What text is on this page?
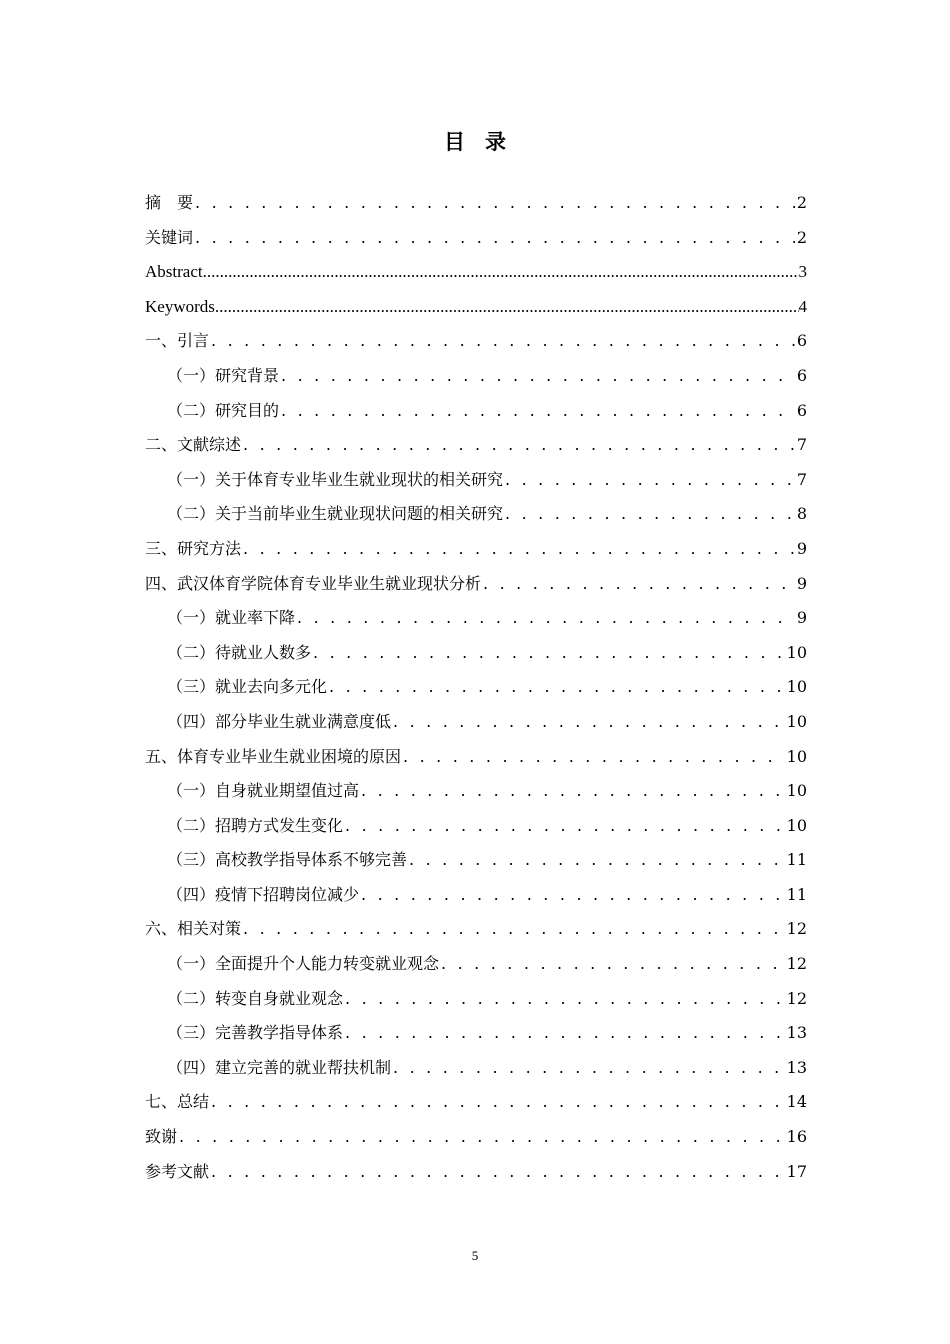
目录
摘　要 . . .	2
关键词 . . .	2
Abstract .....	3
Keywords .....	4
一、引言 . . .	6
（一）研究背景 . . .	6
（二）研究目的 . . .	6
二、文献综述 . . .	7
（一）关于体育专业毕业生就业现状的相关研究 . . .	7
（二）关于当前毕业生就业现状问题的相关研究 . . .	8
三、研究方法 . . .	9
四、武汉体育学院体育专业毕业生就业现状分析 . . .	9
（一）就业率下降 . . .	9
（二）待就业人数多 . . .	10
（三）就业去向多元化 . . .	10
（四）部分毕业生就业满意度低 . . .	10
五、体育专业毕业生就业困境的原因 . . .	10
（一）自身就业期望值过高 . . .	10
（二）招聘方式发生变化 . . .	10
（三）高校教学指导体系不够完善 . . .	11
（四）疫情下招聘岗位减少 . . .	11
六、相关对策 . . .	12
（一）全面提升个人能力转变就业观念 . . .	12
（二）转变自身就业观念 . . .	12
（三）完善教学指导体系 . . .	13
（四）建立完善的就业帮扶机制 . . .	13
七、总结 . . .	14
致谢 . . .	16
参考文献 . . .	17
5
